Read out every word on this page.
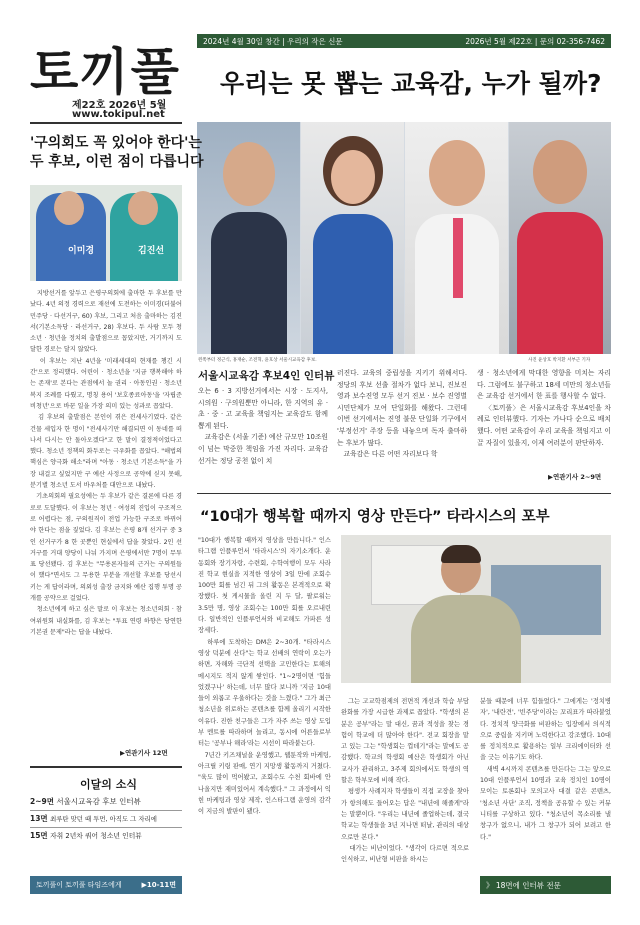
토끼풀
제22호 2026년 5월
www.tokipul.net
2024년 4월 30일 창간 | 우리의 작은 신문	2026년 5월 제22호 | 문의 02-356-7462
우리는 못 뽑는 교육감, 누가 될까?
왼쪽부터 정근식, 홍재순, 조전혁, 윤호상 서울시교육감 후보.	사진 윤상호 박지환 서부근 기자
'구의회도 꼭 있어야 한다'는
두 후보, 이런 점이 다릅니다
이미경	김진선
지방선거를 앞두고 은평구의회에 출마한 두 후보를 만났다. 4년 의정 경력으로 재선에 도전하는 이미경(더불어민주당 · 다선거구, 60) 후보, 그리고 처음 출마하는 김진서(기본소득당 · 라선거구, 28) 후보다. 두 사람 모두 청소년 · 청년을 정치의 출발점으로 꼽았지만, 거기까지 도달한 경로는 달지 않았다.
이 후보는 지난 4년을 '미래세대의 현재를 챙긴 시간'으로 정리했다. 어린이 · 청소년을 '지금 행복해야 하는 존재'로 본다는 관점에서 놀 권리 · 아동인권 · 청소년 복지 조례를 다뤘고, 명칭 용어 '보호종료아동'을 '자립준비청년'으로 바꾼 일을 가장 의미 있는 성과로 꼽았다.
김 후보의 출발점은 본인이 겪은 전세사기였다. 같은 건물 세입자 한 명이 "전세사기만 해결되면 이 동네를 떠나서 다시는 안 돌아오겠다"고 한 말이 결정적이었다고 했다. 청소년 정책의 화두로는 극우화를 꼽았다. "해법의 핵심은 양극화 해소"라며 "아동 · 청소년 기본소득"을 가장 내걸고 싶었지만 구 예산 사정으로 공약에 싣지 못해, 분기별 청소년 도서 바우처를 대안으로 내놨다.
기초의회의 필요성에는 두 후보가 같은 결론에 다른 경로로 도달했다. 이 후보는 청년 · 여성의 진입이 구조적으로 어렵다는 점, 구의원직이 전업 가능한 구조로 바뀌어야 한다는 점을 짚었다. 김 후보는 은평 8개 선거구 중 3인 선거구가 8 한 곳뿐인 현실에서 답을 찾았다. 2인 선거구를 거대 양당이 나눠 가지며 은평에서만 7명이 무투표 당선됐다. 김 후보는 "무용론자들의 근거는 구의원들이 했다"면서도 그 무용한 부분을 개선할 후보를 당선시키는 게 답이라며, 의외성 출장 금지와 예산 집행 투명 공개를 공약으로 걸었다.
청소년에게 하고 싶은 말로 이 후보는 청소년의회 · 참여위원회 내실화를, 김 후보는 "투표 연령 하향은 당연한 기본권 문제"라는 답을 내놨다.
▶연관기사 12면
이달의 소식
2~9면 서울시교육감 후보 인터뷰
13면 최루탄 맞던 때 투먼, 아직도 그 자리에
15면 자취 2년차 쿼어 청소년 인터뷰
토끼풀이 토끼풀 타임즈에게	▶10-11면
서울시교육감 후보4인 인터뷰
오는 6 · 3 지방선거에서는 시장 · 도지사, 시의원 · 구의원뿐만 아니라, 한 지역의 유 · 초 · 중 · 고 교육을 책임지는 교육감도 함께 뽑게 된다.
교육감은 (서울 기준) 예산 규모만 10조원이 넘는 막중한 책임을 가진 자리다. 교육감 선거는 정당 공천 없이 치
러진다. 교육의 중립성을 지키기 위해서다. 정당의 후보 선출 절차가 없다 보니, 진보진영과 보수진영 모두 선거 진보 · 보수 진영별 시민단체가 모여 단일화를 해왔다. 그런데 이번 선거에서는 진영 불문 단일화 기구에서 '부정선거' 주장 등을 내놓으며 독자 출마하는 후보가 많다.
교육감은 다른 어떤 자리보다 학
생 · 청소년에게 막대한 영향을 미치는 자리다. 그럼에도 불구하고 18세 미만의 청소년들은 교육감 선거에서 한 표를 행사할 수 없다.
〈토끼풀〉은 서울시교육감 후보4인을 차례로 인터뷰했다. 기자는 가나다 순으로 배치했다. 어떤 교육감이 우리 교육을 책임지고 이끌 자질이 있을지, 이제 여러분이 판단하자.
▶연관기사 2~9면
“10대가 행복할 때까지 영상 만든다” 타라시스의 포부
"10대가 행복할 때까지 영상을 만듭니다." 인스타그램 인플루언서 '타라시스'의 자기소개다. 운동회와 장기자랑, 수련회, 수학여행이 모두 사라진 학교 현실을 지적한 영상이 3일 만에 조회수 100만 회를 넘긴 뒤 그의 활동은 본격적으로 확장했다. 첫 게시물을 올린 지 두 달, 팔로워는 3.5만 명, 영상 조회수는 100만 회를 오르내린다. 일반적인 인플루언서와 비교해도 가파른 성장세다.
하루에 도착하는 DM은 2~30개. "타라시스 영상 덕분에 산다"는 학교 선배의 연락이 오는가 하면, 자해와 극단적 선택을 고민한다는 토해의 메시지도 적지 않게 쌓인다. "1~2명이면 '힘들었겠구나' 하는데, 너무 많다 보니까 '지금 10대들이 외롭고 우울하다는 것을 느꼈다." 그가 최근 청소년을 위로하는 콘텐츠를 함께 올리기 시작한 이유다. 진한 친구들은 그가 자주 쓰는 영상 도입부 멘트를 따라하며 놀리고, 동시에 어른들로부터는 '공부나 해라'라는 시선이 따라붙는다.
7년간 키즈채널을 운영했고, 웹툰작와 마케팅, 아크릴 키링 판매, 연기 지망생 활동까지 거쳤다. "육도 많이 먹어봤고, 조회수도 수천 회바에 안 나올지만 재미있어서 계속했다." 그 과정에서 익힌 마케팅과 영상 제작, 인스타그램 운영의 감각이 지금의 발판이 됐다.
그는 고교학점제의 전면적 개선과 학습 부담 완화를 가장 시급한 과제로 꼽았다. "학생의 본분은 공부"라는 말 대신, 꿈과 적성을 찾는 경험이 학교에 더 많아야 한다". 전교 회장을 맡고 있는 그는 "학생회는 껍데기"라는 말에도 공감했다. 학교의 학생회 예산은 학생회가 아닌 교사가 관리하고, 3주제 회의에서도 학생의 역할은 학부모에 비해 작다.
평생가 사례지자 학생들이 직접 교장을 찾아가 항의해도 들어오는 답은 "내년에 해줄게"라는 말뿐이다. "우리는 내년에 졸업하는데, 결국 학교는 학생들을 3년 지나면 떠날, 관리의 대상으로만 본다."
대가는 비난이었다. "생각이 다르면 적으로 인식하고, 비난형 비판을 하시는
분들 때문에 너무 힘들었다." 그에게는 '정치병자', '내란견', '빈주당'이라는 꼬리표가 따라붙었다. 정치적 양극화를 비판하는 입장에서 의식적으로 중립을 지키며 노력한다고 강조했다. 10대를 정치적으로 활용하는 일부 크리에이터와 선을 긋는 이유기도 하다.
새벽 4시까지 콘텐츠를 만든다는 그는 앞으로 10대 인플루언서 10명과 교육 정치인 10명이 모이는 토론회나 모의고사 대결 같은 콘텐츠, '청소년 사단' 조직, 정책을 공유할 수 있는 커뮤니티를 구상하고 있다. "청소년이 목소리를 낼 창구가 없으니, 내가 그 창구가 되어 보려고 한다."
》 18면에 인터뷰 전문
